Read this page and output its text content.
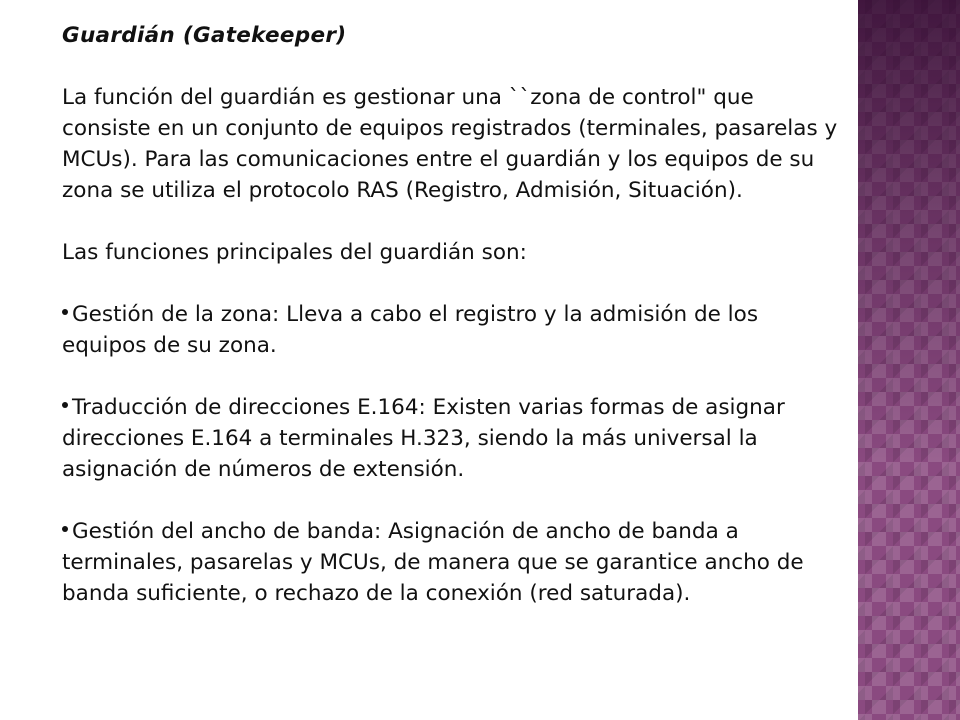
Guardián (Gatekeeper)

La función del guardián es gestionar una ``zona de control" que consiste en un conjunto de equipos registrados (terminales, pasarelas y MCUs). Para las comunicaciones entre el guardián y los equipos de su zona se utiliza el protocolo RAS (Registro, Admisión, Situación).

Las funciones principales del guardián son:

Gestión de la zona: Lleva a cabo el registro y la admisión de los equipos de su zona.

Traducción de direcciones E.164: Existen varias formas de asignar direcciones E.164 a terminales H.323, siendo la más universal la asignación de números de extensión.

Gestión del ancho de banda: Asignación de ancho de banda a terminales, pasarelas y MCUs, de manera que se garantice ancho de banda suficiente, o rechazo de la conexión (red saturada).
